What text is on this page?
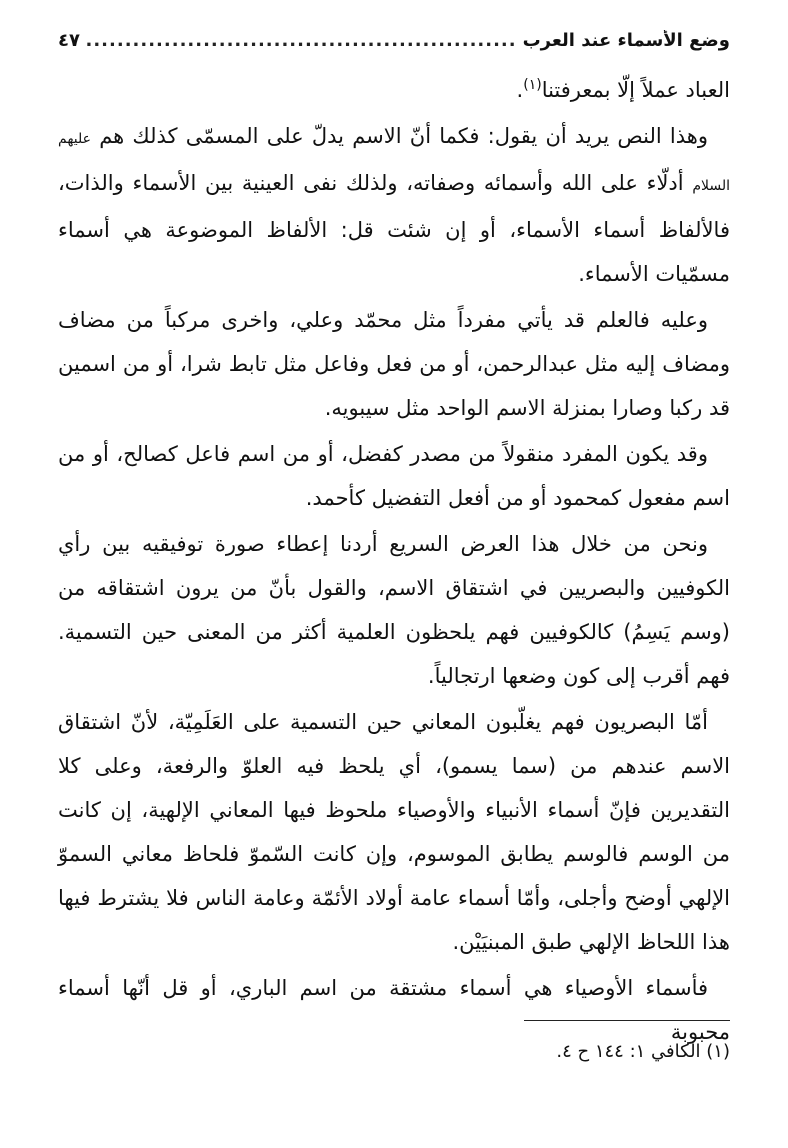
وضع الأسماء عند العرب
.....
٤٧

العباد عملاً إلّا بمعرفتنا$^{(١)}$.

وهذا النص يريد أن يقول: فكما أنّ الاسم يدلّ على المسمّى كذلك هم عليهم السلام أدلّاء على الله وأسمائه وصفاته، ولذلك نفى العينية بين الأسماء والذات، فالألفاظ أسماء الأسماء، أو إن شئت قل: الألفاظ الموضوعة هي أسماء مسمّيات الأسماء.

وعليه فالعلم قد يأتي مفرداً مثل محمّد وعلي، واخرى مركباً من مضاف ومضاف إليه مثل عبدالرحمن، أو من فعل وفاعل مثل تابط شرا، أو من اسمين قد ركبا وصارا بمنزلة الاسم الواحد مثل سيبويه.

وقد يكون المفرد منقولاً من مصدر كفضل، أو من اسم فاعل كصالح، أو من اسم مفعول كمحمود أو من أفعل التفضيل كأحمد.

ونحن من خلال هذا العرض السريع أردنا إعطاء صورة توفيقيه بين رأي الكوفيين والبصريين في اشتقاق الاسم، والقول بأنّ من يرون اشتقاقه من (وسم يَسِمُ) كالكوفيين فهم يلحظون العلمية أكثر من المعنى حين التسمية. فهم أقرب إلى كون وضعها ارتجالياً.

أمّا البصريون فهم يغلّبون المعاني حين التسمية على العَلَمِيّة، لأنّ اشتقاق الاسم عندهم من (سما يسمو)، أي يلحظ فيه العلوّ والرفعة، وعلى كلا التقديرين فإنّ أسماء الأنبياء والأوصياء ملحوظ فيها المعاني الإلهية، إن كانت من الوسم فالوسم يطابق الموسوم، وإن كانت السّموّ فلحاظ معاني السموّ الإلهي أوضح وأجلى، وأمّا أسماء عامة أولاد الأئمّة وعامة الناس فلا يشترط فيها هذا اللحاظ الإلهي طبق المبنيَيْن.

فأسماء الأوصياء هي أسماء مشتقة من اسم الباري، أو قل أنّها أسماء محبوبة

(١) الكافي ١: ١٤٤ ح ٤.
